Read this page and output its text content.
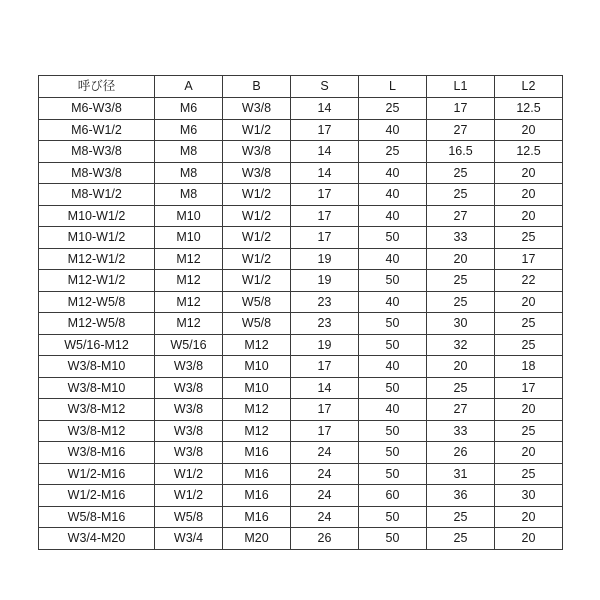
呼び径	A	B	S	L	L1	L2
M6-W3/8	M6	W3/8	14	25	17	12.5
M6-W1/2	M6	W1/2	17	40	27	20
M8-W3/8	M8	W3/8	14	25	16.5	12.5
M8-W3/8	M8	W3/8	14	40	25	20
M8-W1/2	M8	W1/2	17	40	25	20
M10-W1/2	M10	W1/2	17	40	27	20
M10-W1/2	M10	W1/2	17	50	33	25
M12-W1/2	M12	W1/2	19	40	20	17
M12-W1/2	M12	W1/2	19	50	25	22
M12-W5/8	M12	W5/8	23	40	25	20
M12-W5/8	M12	W5/8	23	50	30	25
W5/16-M12	W5/16	M12	19	50	32	25
W3/8-M10	W3/8	M10	17	40	20	18
W3/8-M10	W3/8	M10	14	50	25	17
W3/8-M12	W3/8	M12	17	40	27	20
W3/8-M12	W3/8	M12	17	50	33	25
W3/8-M16	W3/8	M16	24	50	26	20
W1/2-M16	W1/2	M16	24	50	31	25
W1/2-M16	W1/2	M16	24	60	36	30
W5/8-M16	W5/8	M16	24	50	25	20
W3/4-M20	W3/4	M20	26	50	25	20
